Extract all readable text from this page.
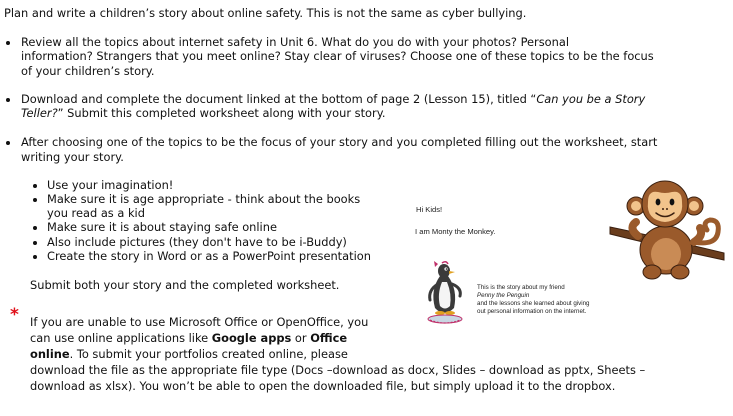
Plan and write a children’s story about online safety. This is not the same as cyber bullying.
Review all the topics about internet safety in Unit 6. What do you do with your photos? Personal
information? Strangers that you meet online? Stay clear of viruses? Choose one of these topics to be the focus
of your children’s story.
Download and complete the document linked at the bottom of page 2 (Lesson 15), titled “Can you be a Story
Teller?” Submit this completed worksheet along with your story.
After choosing one of the topics to be the focus of your story and you completed filling out the worksheet, start
writing your story.
Use your imagination!
Make sure it is age appropriate - think about the books
you read as a kid
Make sure it is about staying safe online
Also include pictures (they don't have to be i-Buddy)
Create the story in Word or as a PowerPoint presentation
Submit both your story and the completed worksheet.
* If you are unable to use Microsoft Office or OpenOffice, you
can use online applications like Google apps or Office
online. To submit your portfolios created online, please
download the file as the appropriate file type (Docs –download as docx, Slides – download as pptx, Sheets –
download as xlsx). You won’t be able to open the downloaded file, but simply upload it to the dropbox.
Hi Kids!
I am Monty the Monkey.
This is the story about my friend
Penny the Penguin
and the lessons she learned about giving
out personal information on the internet.
